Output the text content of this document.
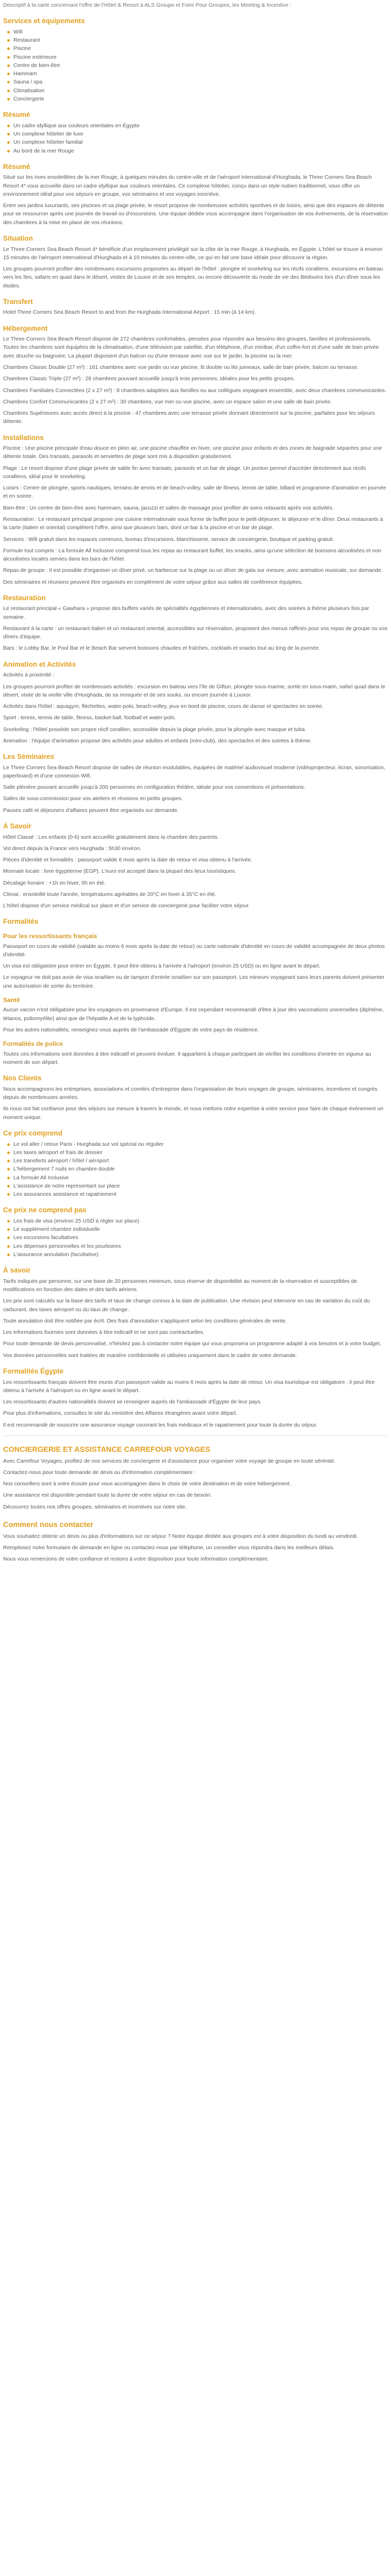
Descriptif à la carte concernant l'offre de l'Hôtel & Resort à ALS Groupe et Foire Pour Groupes, les Meeting & Incentive :

Services et équipements
Wifi
Restaurant
Piscine
Piscine extérieure
Centre de bien-être
Hammam
Sauna / spa
Climatisation
Conciergerie
Résumé
Un cadre idyllique aux couleurs orientales en Égypte
Un complexe hôtelier de luxe
Un complexe hôtelier familial
Au bord de la mer Rouge
Résumé

Situé sur les rives ensoleillées de la mer Rouge, à quelques minutes du centre-ville et de l'aéroport international d'Hurghada, le Three Corners Sea Beach Resort 4* vous accueille dans un cadre idyllique aux couleurs orientales. Ce complexe hôtelier, conçu dans un style nubien traditionnel, vous offre un environnement idéal pour vos séjours en groupe, vos séminaires et vos voyages incentive.

Entre ses jardins luxuriants, ses piscines et sa plage privée, le resort propose de nombreuses activités sportives et de loisirs, ainsi que des espaces de détente pour se ressourcer après une journée de travail ou d'excursions. Une équipe dédiée vous accompagne dans l'organisation de vos événements, de la réservation des chambres à la mise en place de vos réunions.

Situation

Le Three Corners Sea Beach Resort 4* bénéficie d'un emplacement privilégié sur la côte de la mer Rouge, à Hurghada, en Égypte. L'hôtel se trouve à environ 15 minutes de l'aéroport international d'Hurghada et à 10 minutes du centre-ville, ce qui en fait une base idéale pour découvrir la région.

Les groupes pourront profiter des nombreuses excursions proposées au départ de l'hôtel : plongée et snorkeling sur les récifs coralliens, excursions en bateau vers les îles, safaris en quad dans le désert, visites de Louxor et de ses temples, ou encore découverte du mode de vie des Bédouins lors d'un dîner sous les étoiles.

Transfert

Hotel Three Corners Sea Beach Resort to and from the Hurghada International Airport : 15 min (à 14 km).

Hébergement

Le Three Corners Sea Beach Resort dispose de 272 chambres confortables, pensées pour répondre aux besoins des groupes, familles et professionnels. Toutes les chambres sont équipées de la climatisation, d'une télévision par satellite, d'un téléphone, d'un minibar, d'un coffre-fort et d'une salle de bain privée avec douche ou baignoire. La plupart disposent d'un balcon ou d'une terrasse avec vue sur le jardin, la piscine ou la mer.

Chambres Classic Double (27 m²) : 161 chambres avec vue jardin ou vue piscine, lit double ou lits jumeaux, salle de bain privée, balcon ou terrasse.

Chambres Classic Triple (27 m²) : 26 chambres pouvant accueillir jusqu'à trois personnes, idéales pour les petits groupes.

Chambres Familiales Connectées (2 x 27 m²) : 8 chambres adaptées aux familles ou aux collègues voyageant ensemble, avec deux chambres communicantes.

Chambres Confort Communicantes (2 x 27 m²) : 30 chambres, vue mer ou vue piscine, avec un espace salon et une salle de bain privée.

Chambres Supérieures avec accès direct à la piscine : 47 chambres avec une terrasse privée donnant directement sur la piscine, parfaites pour les séjours détente.

Installations

Piscine : Une piscine principale d'eau douce en plein air, une piscine chauffée en hiver, une piscine pour enfants et des zones de baignade séparées pour une détente totale. Des transats, parasols et serviettes de plage sont mis à disposition gratuitement.

Plage : Le resort dispose d'une plage privée de sable fin avec transats, parasols et un bar de plage. Un ponton permet d'accéder directement aux récifs coralliens, idéal pour le snorkeling.

Loisirs : Centre de plongée, sports nautiques, terrains de tennis et de beach-volley, salle de fitness, tennis de table, billard et programme d'animation en journée et en soirée.

Bien-être : Un centre de bien-être avec hammam, sauna, jacuzzi et salles de massage pour profiter de soins relaxants après vos activités.

Restauration : Le restaurant principal propose une cuisine internationale sous forme de buffet pour le petit-déjeuner, le déjeuner et le dîner. Deux restaurants à la carte (italien et oriental) complètent l'offre, ainsi que plusieurs bars, dont un bar à la piscine et un bar de plage.

Services : Wifi gratuit dans les espaces communs, bureau d'excursions, blanchisserie, service de conciergerie, boutique et parking gratuit.

Formule tout compris : La formule All Inclusive comprend tous les repas au restaurant buffet, les snacks, ainsi qu'une sélection de boissons alcoolisées et non alcoolisées locales servies dans les bars de l'hôtel.

Repas de groupe : Il est possible d'organiser un dîner privé, un barbecue sur la plage ou un dîner de gala sur mesure, avec animation musicale, sur demande.

Des séminaires et réunions peuvent être organisés en complément de votre séjour grâce aux salles de conférence équipées.

Restauration

Le restaurant principal « Gawhara » propose des buffets variés de spécialités égyptiennes et internationales, avec des soirées à thème plusieurs fois par semaine.

Restaurant à la carte : un restaurant italien et un restaurant oriental, accessibles sur réservation, proposent des menus raffinés pour vos repas de groupe ou vos dîners d'équipe.

Bars : le Lobby Bar, le Pool Bar et le Beach Bar servent boissons chaudes et fraîches, cocktails et snacks tout au long de la journée.

Animation et Activités

Activités à proximité :

Les groupes pourront profiter de nombreuses activités : excursion en bateau vers l'île de Giftun, plongée sous-marine, sortie en sous-marin, safari quad dans le désert, visite de la vieille ville d'Hurghada, de sa mosquée et de ses souks, ou encore journée à Louxor.

Activités dans l'hôtel : aquagym, fléchettes, water-polo, beach-volley, jeux en bord de piscine, cours de danse et spectacles en soirée.

Sport : tennis, tennis de table, fitness, basket-ball, football et water-polo.

Snorkeling : l'hôtel possède son propre récif corallien, accessible depuis la plage privée, pour la plongée avec masque et tuba.

Animation : l'équipe d'animation propose des activités pour adultes et enfants (mini-club), des spectacles et des soirées à thème.

Les Séminaires

Le Three Corners Sea Beach Resort dispose de salles de réunion modulables, équipées de matériel audiovisuel moderne (vidéoprojecteur, écran, sonorisation, paperboard) et d'une connexion Wifi.

Salle plénière pouvant accueillir jusqu'à 200 personnes en configuration théâtre, idéale pour vos conventions et présentations.

Salles de sous-commission pour vos ateliers et réunions en petits groupes.

Pauses café et déjeuners d'affaires peuvent être organisés sur demande.

À Savoir

Hôtel Classé : Les enfants (0-6) sont accueillis gratuitement dans la chambre des parents.

Vol direct depuis la France vers Hurghada : 5h30 environ.

Pièces d'identité et formalités : passeport valide 6 mois après la date de retour et visa obtenu à l'arrivée.

Monnaie locale : livre égyptienne (EGP). L'euro est accepté dans la plupart des lieux touristiques.

Décalage horaire : +1h en hiver, 0h en été.

Climat : ensoleillé toute l'année, températures agréables de 20°C en hiver à 35°C en été.

L'hôtel dispose d'un service médical sur place et d'un service de conciergerie pour faciliter votre séjour.

Formalités
Pour les ressortissants français

Passeport en cours de validité (valable au moins 6 mois après la date de retour) ou carte nationale d'identité en cours de validité accompagnée de deux photos d'identité.

Un visa est obligatoire pour entrer en Égypte. Il peut être obtenu à l'arrivée à l'aéroport (environ 25 USD) ou en ligne avant le départ.

Le voyageur ne doit pas avoir de visa israélien ou de tampon d'entrée israélien sur son passeport. Les mineurs voyageant sans leurs parents doivent présenter une autorisation de sortie du territoire.

Santé

Aucun vaccin n'est obligatoire pour les voyageurs en provenance d'Europe. Il est cependant recommandé d'être à jour des vaccinations universelles (diphtérie, tétanos, poliomyélite) ainsi que de l'hépatite A et de la typhoïde.

Pour les autres nationalités, renseignez-vous auprès de l'ambassade d'Égypte de votre pays de résidence.

Formalités de police

Toutes ces informations sont données à titre indicatif et peuvent évoluer. Il appartient à chaque participant de vérifier les conditions d'entrée en vigueur au moment de son départ.

Nos Clients

Nous accompagnons les entreprises, associations et comités d'entreprise dans l'organisation de leurs voyages de groupe, séminaires, incentives et congrès depuis de nombreuses années.

Ils nous ont fait confiance pour des séjours sur mesure à travers le monde, et nous mettons notre expertise à votre service pour faire de chaque événement un moment unique.

Ce prix comprend
Le vol aller / retour Paris - Hurghada sur vol spécial ou régulier
Les taxes aéroport et frais de dossier
Les transferts aéroport / hôtel / aéroport
L'hébergement 7 nuits en chambre double
La formule All Inclusive
L'assistance de notre représentant sur place
Les assurances assistance et rapatriement
Ce prix ne comprend pas
Les frais de visa (environ 25 USD à régler sur place)
Le supplément chambre individuelle
Les excursions facultatives
Les dépenses personnelles et les pourboires
L'assurance annulation (facultative)
À savoir

Tarifs indiqués par personne, sur une base de 20 personnes minimum, sous réserve de disponibilité au moment de la réservation et susceptibles de modifications en fonction des dates et des tarifs aériens.

Les prix sont calculés sur la base des tarifs et taux de change connus à la date de publication. Une révision peut intervenir en cas de variation du coût du carburant, des taxes aéroport ou du taux de change.

Toute annulation doit être notifiée par écrit. Des frais d'annulation s'appliquent selon les conditions générales de vente.

Les informations fournies sont données à titre indicatif et ne sont pas contractuelles.

Pour toute demande de devis personnalisé, n'hésitez pas à contacter notre équipe qui vous proposera un programme adapté à vos besoins et à votre budget.

Vos données personnelles sont traitées de manière confidentielle et utilisées uniquement dans le cadre de votre demande.

Formalités Égypte

Les ressortissants français doivent être munis d'un passeport valide au moins 6 mois après la date de retour. Un visa touristique est obligatoire ; il peut être obtenu à l'arrivée à l'aéroport ou en ligne avant le départ.

Les ressortissants d'autres nationalités doivent se renseigner auprès de l'ambassade d'Égypte de leur pays.

Pour plus d'informations, consultez le site du ministère des Affaires étrangères avant votre départ.

Il est recommandé de souscrire une assurance voyage couvrant les frais médicaux et le rapatriement pour toute la durée du séjour.

CONCIERGERIE ET ASSISTANCE CARREFOUR VOYAGES

Avec Carrefour Voyages, profitez de nos services de conciergerie et d'assistance pour organiser votre voyage de groupe en toute sérénité.

Contactez-nous pour toute demande de devis ou d'information complémentaire :

Nos conseillers sont à votre écoute pour vous accompagner dans le choix de votre destination et de votre hébergement.

Une assistance est disponible pendant toute la durée de votre séjour en cas de besoin.

Découvrez toutes nos offres groupes, séminaires et incentives sur notre site.

Comment nous contacter

Vous souhaitez obtenir un devis ou plus d'informations sur ce séjour ? Notre équipe dédiée aux groupes est à votre disposition du lundi au vendredi.

Remplissez notre formulaire de demande en ligne ou contactez-nous par téléphone, un conseiller vous répondra dans les meilleurs délais.

Nous vous remercions de votre confiance et restons à votre disposition pour toute information complémentaire.
